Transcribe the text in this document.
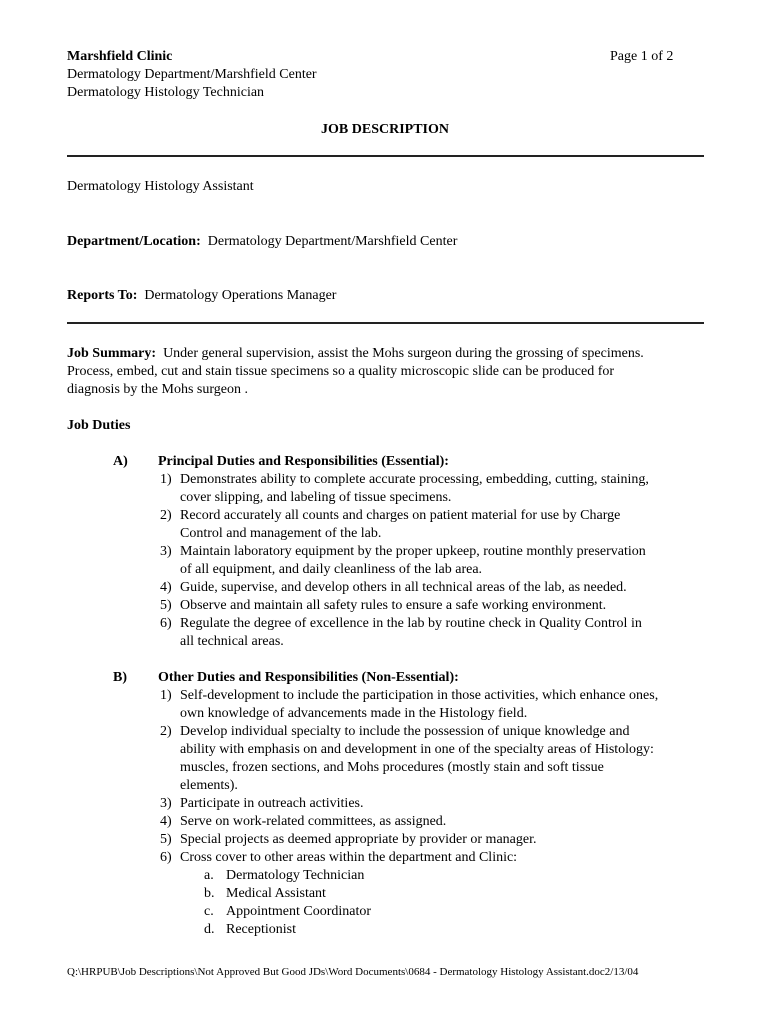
Marshfield Clinic	Page 1 of 2
Dermatology Department/Marshfield Center
Dermatology Histology Technician
JOB DESCRIPTION
Dermatology Histology Assistant
Department/Location: Dermatology Department/Marshfield Center
Reports To: Dermatology Operations Manager
Job Summary: Under general supervision, assist the Mohs surgeon during the grossing of specimens.
Process, embed, cut and stain tissue specimens so a quality microscopic slide can be produced for
diagnosis by the Mohs surgeon .
Job Duties
A) Principal Duties and Responsibilities (Essential):
1) Demonstrates ability to complete accurate processing, embedding, cutting, staining,
cover slipping, and labeling of tissue specimens.
2) Record accurately all counts and charges on patient material for use by Charge
Control and management of the lab.
3) Maintain laboratory equipment by the proper upkeep, routine monthly preservation
of all equipment, and daily cleanliness of the lab area.
4) Guide, supervise, and develop others in all technical areas of the lab, as needed.
5) Observe and maintain all safety rules to ensure a safe working environment.
6) Regulate the degree of excellence in the lab by routine check in Quality Control in
all technical areas.
B) Other Duties and Responsibilities (Non-Essential):
1) Self-development to include the participation in those activities, which enhance ones,
own knowledge of advancements made in the Histology field.
2) Develop individual specialty to include the possession of unique knowledge and
ability with emphasis on and development in one of the specialty areas of Histology:
muscles, frozen sections, and Mohs procedures (mostly stain and soft tissue
elements).
3) Participate in outreach activities.
4) Serve on work-related committees, as assigned.
5) Special projects as deemed appropriate by provider or manager.
6) Cross cover to other areas within the department and Clinic:
a. Dermatology Technician
b. Medical Assistant
c. Appointment Coordinator
d. Receptionist
Q:\HRPUB\Job Descriptions\Not Approved But Good JDs\Word Documents\0684 - Dermatology Histology Assistant.doc2/13/04
